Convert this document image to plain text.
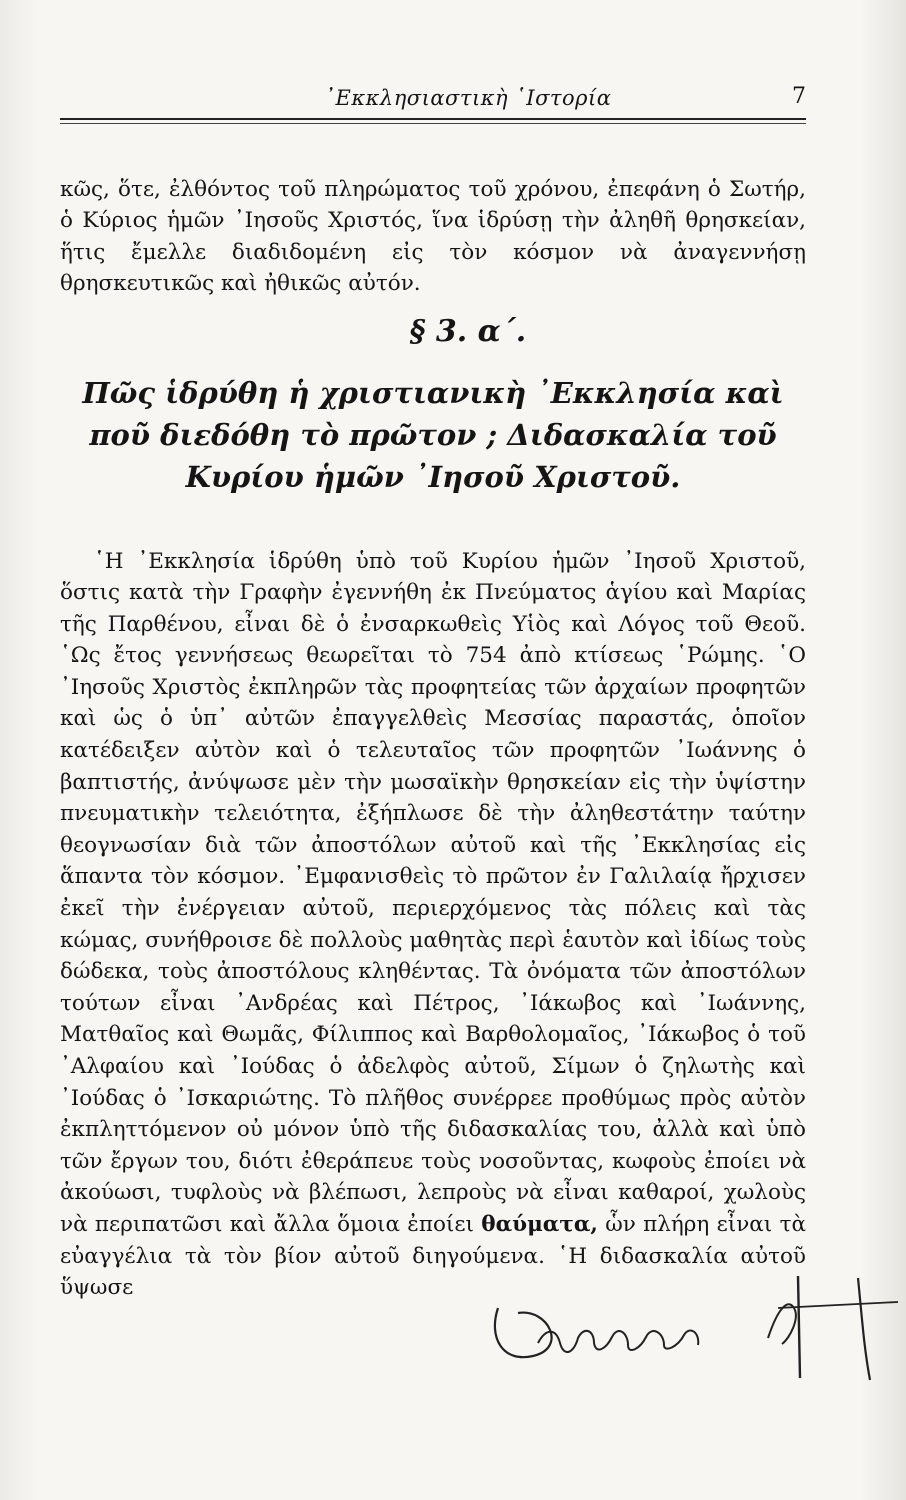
᾿Εκκλησιαστικὴ ῾Ιστορία	7

κῶς, ὅτε, ἐλθόντος τοῦ πληρώματος τοῦ χρόνου, ἐπεφάνη ὁ Σωτήρ, ὁ Κύριος ἡμῶν ᾿Ιησοῦς Χριστός, ἵνα ἱδρύσῃ τὴν ἀληθῆ θρησκείαν, ἥτις ἔμελλε διαδιδομένη εἰς τὸν κόσμον νὰ ἀναγεννήσῃ θρησκευτικῶς καὶ ἠθικῶς αὐτόν.

§ 3. α΄.
Πῶς ἱδρύθη ἡ χριστιανικὴ ᾿Εκκλησία καὶ ποῦ διεδόθη τὸ πρῶτον ; Διδασκαλία τοῦ Κυρίου ἡμῶν ᾿Ιησοῦ Χριστοῦ.

῾Η ᾿Εκκλησία ἱδρύθη ὑπὸ τοῦ Κυρίου ἡμῶν ᾿Ιησοῦ Χριστοῦ, ὅστις κατὰ τὴν Γραφὴν ἐγεννήθη ἐκ Πνεύματος ἁγίου καὶ Μαρίας τῆς Παρθένου, εἶναι δὲ ὁ ἐνσαρκωθεὶς Υἱὸς καὶ Λόγος τοῦ Θεοῦ. ῾Ως ἔτος γεννήσεως θεωρεῖται τὸ 754 ἀπὸ κτίσεως ῾Ρώμης. ῾Ο ᾿Ιησοῦς Χριστὸς ἐκπληρῶν τὰς προφητείας τῶν ἀρχαίων προφητῶν καὶ ὡς ὁ ὑπ᾿ αὐτῶν ἐπαγγελθεὶς Μεσσίας παραστάς, ὁποῖον κατέδειξεν αὐτὸν καὶ ὁ τελευταῖος τῶν προφητῶν ᾿Ιωάννης ὁ βαπτιστής, ἀνύψωσε μὲν τὴν μωσαϊκὴν θρησκείαν εἰς τὴν ὑψίστην πνευματικὴν τελειότητα, ἐξήπλωσε δὲ τὴν ἀληθεστάτην ταύτην θεογνωσίαν διὰ τῶν ἀποστόλων αὐτοῦ καὶ τῆς ᾿Εκκλησίας εἰς ἅπαντα τὸν κόσμον. ᾿Εμφανισθεὶς τὸ πρῶτον ἐν Γαλιλαίᾳ ἤρχισεν ἐκεῖ τὴν ἐνέργειαν αὐτοῦ, περιερχόμενος τὰς πόλεις καὶ τὰς κώμας, συνήθροισε δὲ πολλοὺς μαθητὰς περὶ ἑαυτὸν καὶ ἰδίως τοὺς δώδεκα, τοὺς ἀποστόλους κληθέντας. Τὰ ὀνόματα τῶν ἀποστόλων τούτων εἶναι ᾿Ανδρέας καὶ Πέτρος, ᾿Ιάκωβος καὶ ᾿Ιωάννης, Ματθαῖος καὶ Θωμᾶς, Φίλιππος καὶ Βαρθολομαῖος, ᾿Ιάκωβος ὁ τοῦ ᾿Αλφαίου καὶ ᾿Ιούδας ὁ ἀδελφὸς αὐτοῦ, Σίμων ὁ ζηλωτὴς καὶ ᾿Ιούδας ὁ ᾿Ισκαριώτης. Τὸ πλῆθος συνέρρεε προθύμως πρὸς αὐτὸν ἐκπληττόμενον οὐ μόνον ὑπὸ τῆς διδασκαλίας του, ἀλλὰ καὶ ὑπὸ τῶν ἔργων του, διότι ἐθεράπευε τοὺς νοσοῦντας, κωφοὺς ἐποίει νὰ ἀκούωσι, τυφλοὺς νὰ βλέπωσι, λεπροὺς νὰ εἶναι καθαροί, χωλοὺς νὰ περιπατῶσι καὶ ἄλλα ὅμοια ἐποίει θαύματα, ὧν πλήρη εἶναι τὰ εὐαγγέλια τὰ τὸν βίον αὐτοῦ διηγούμενα. ῾Η διδασκαλία αὐτοῦ ὕψωσε
